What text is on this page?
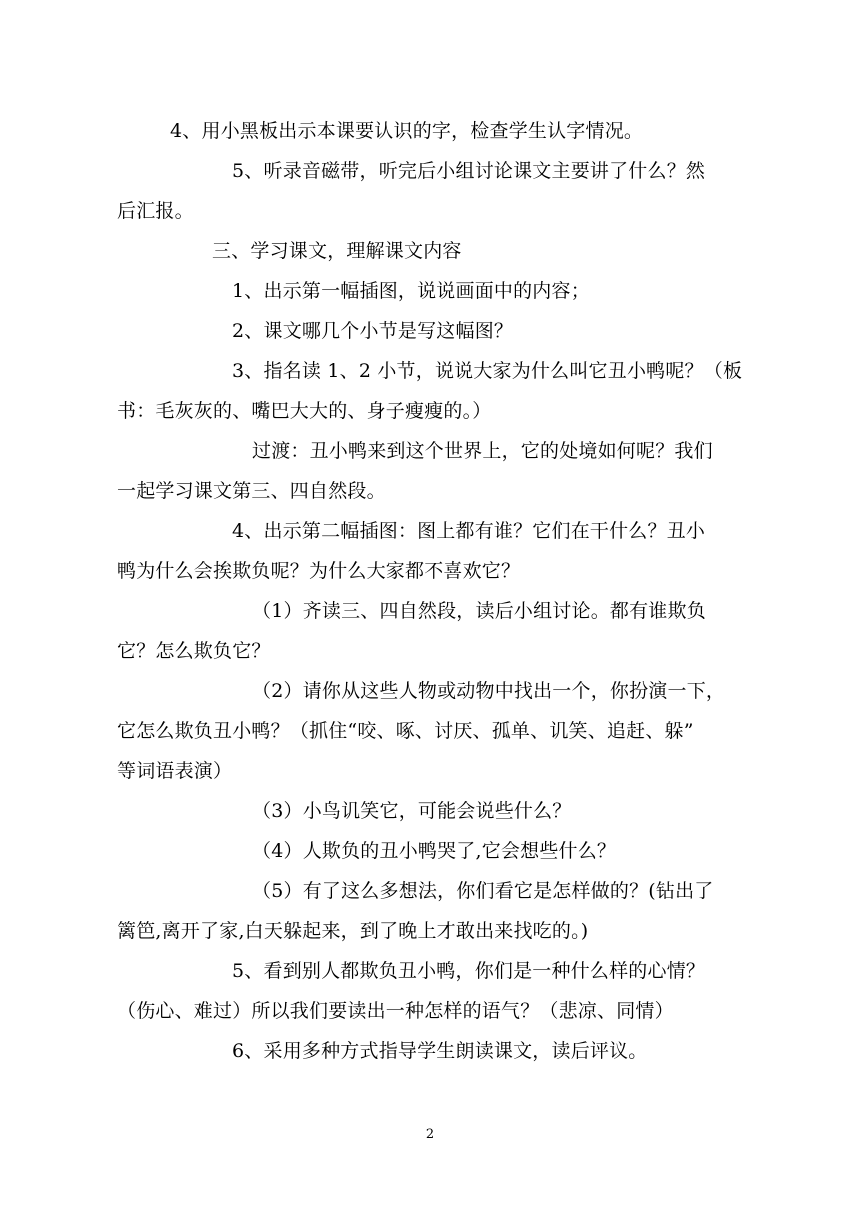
4、用小黑板出示本课要认识的字，检查学生认字情况。
5、听录音磁带，听完后小组讨论课文主要讲了什么？然
后汇报。
三、学习课文，理解课文内容
1、出示第一幅插图，说说画面中的内容；
2、课文哪几个小节是写这幅图？
3、指名读 1、2 小节，说说大家为什么叫它丑小鸭呢？（板
书：毛灰灰的、嘴巴大大的、身子瘦瘦的。）
过渡：丑小鸭来到这个世界上，它的处境如何呢？我们
一起学习课文第三、四自然段。
4、出示第二幅插图：图上都有谁？它们在干什么？丑小
鸭为什么会挨欺负呢？为什么大家都不喜欢它？
（1）齐读三、四自然段，读后小组讨论。都有谁欺负
它？怎么欺负它？
（2）请你从这些人物或动物中找出一个，你扮演一下，
它怎么欺负丑小鸭？（抓住“咬、啄、讨厌、孤单、讥笑、追赶、躲”
等词语表演）
（3）小鸟讥笑它，可能会说些什么？
（4）人欺负的丑小鸭哭了,它会想些什么？
（5）有了这么多想法，你们看它是怎样做的？(钻出了
篱笆,离开了家,白天躲起来，到了晚上才敢出来找吃的。)
5、看到别人都欺负丑小鸭，你们是一种什么样的心情？
（伤心、难过）所以我们要读出一种怎样的语气？（悲凉、同情）
6、采用多种方式指导学生朗读课文，读后评议。
2
